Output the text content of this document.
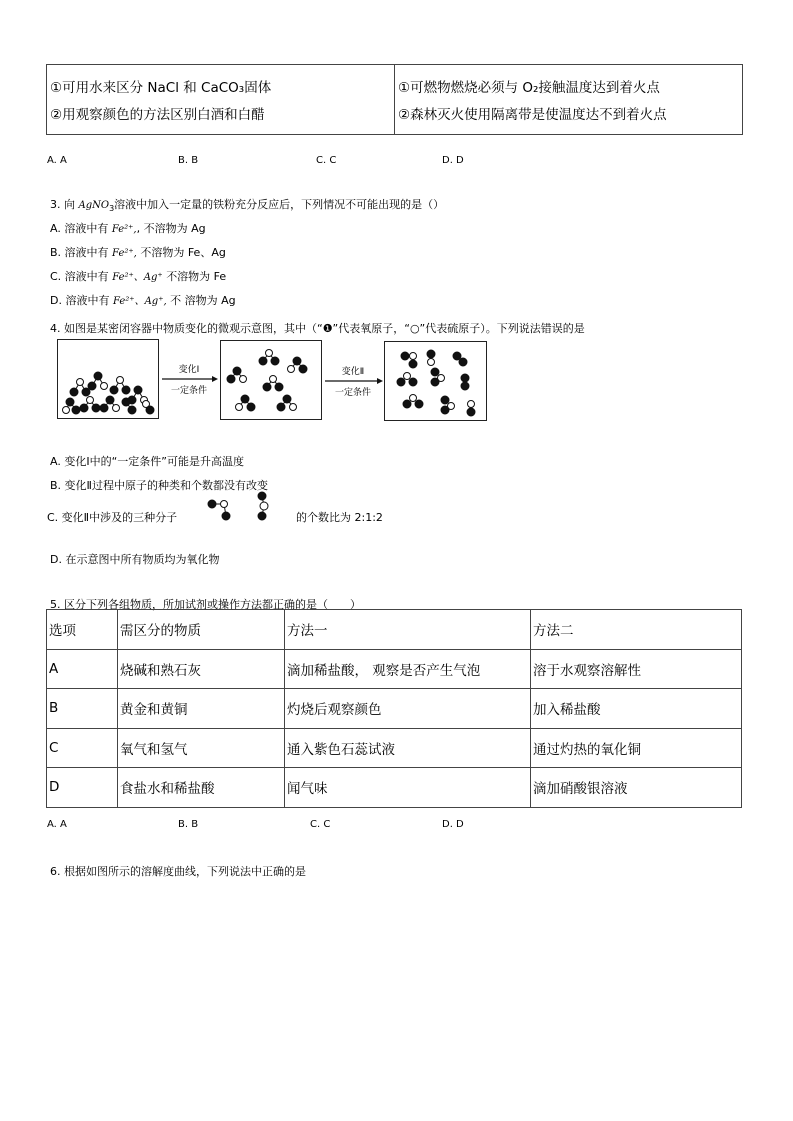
①可用水来区分 NaCl 和 CaCO₃固体
②用观察颜色的方法区别白酒和白醋

①可燃物燃烧必须与 O₂接触温度达到着火点
②森林灭火使用隔离带是使温度达不到着火点
A. A	B. B	C. C	D. D
3. 向 AgNO$_3$溶液中加入一定量的铁粉充分反应后，下列情况不可能出现的是（）
A. 溶液中有 Fe²⁺,, 不溶物为 Ag
B. 溶液中有 Fe²⁺, 不溶物为 Fe、Ag
C. 溶液中有 Fe²⁺、Ag⁺ 不溶物为 Fe
D. 溶液中有 Fe²⁺、Ag⁺, 不 溶物为 Ag
4. 如图是某密闭容器中物质变化的微观示意图，其中（“❶”代表氧原子，“○”代表硫原子）。下列说法错误的是
变化Ⅰ
一定条件
变化Ⅱ
一定条件
A. 变化Ⅰ中的“一定条件”可能是升高温度
B. 变化Ⅱ过程中原子的种类和个数都没有改变
C. 变化Ⅱ中涉及的三种分子	的个数比为 2:1:2
D. 在示意图中所有物质均为氧化物
5. 区分下列各组物质，所加试剂或操作方法都正确的是（　　）
选项	需区分的物质	方法一	方法二
A	烧碱和熟石灰	滴加稀盐酸， 观察是否产生气泡	溶于水观察溶解性
B	黄金和黄铜	灼烧后观察颜色	加入稀盐酸
C	氧气和氢气	通入紫色石蕊试液	通过灼热的氧化铜
D	食盐水和稀盐酸	闻气味	滴加硝酸银溶液
A. A	B. B	C. C	D. D
6. 根据如图所示的溶解度曲线，下列说法中正确的是
